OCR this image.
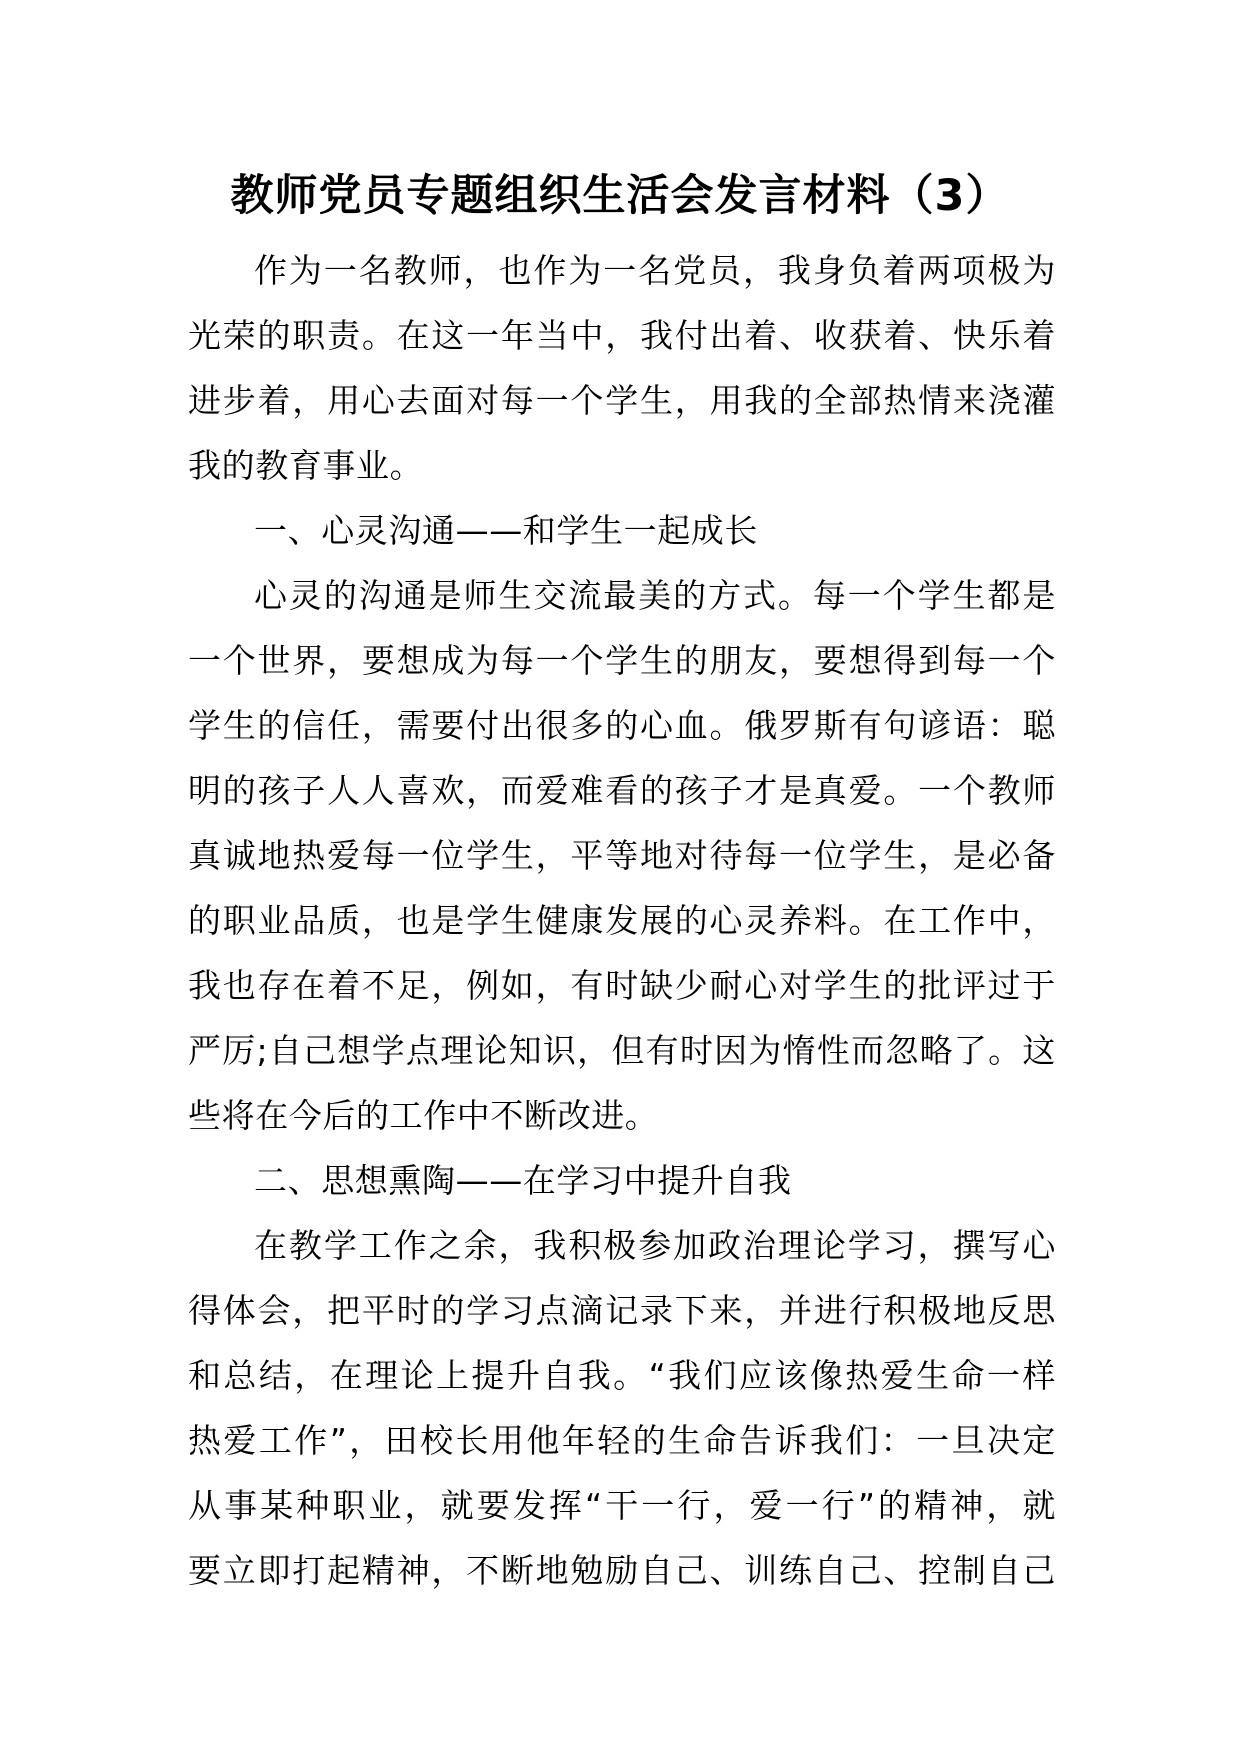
教师党员专题组织生活会发言材料（3）
作为一名教师，也作为一名党员，我身负着两项极为
光荣的职责。在这一年当中，我付出着、收获着、快乐着
进步着，用心去面对每一个学生，用我的全部热情来浇灌
我的教育事业。
一、心灵沟通——和学生一起成长
心灵的沟通是师生交流最美的方式。每一个学生都是
一个世界，要想成为每一个学生的朋友，要想得到每一个
学生的信任，需要付出很多的心血。俄罗斯有句谚语：聪
明的孩子人人喜欢，而爱难看的孩子才是真爱。一个教师
真诚地热爱每一位学生，平等地对待每一位学生，是必备
的职业品质，也是学生健康发展的心灵养料。在工作中，
我也存在着不足，例如，有时缺少耐心对学生的批评过于
严厉;自己想学点理论知识，但有时因为惰性而忽略了。这
些将在今后的工作中不断改进。
二、思想熏陶——在学习中提升自我
在教学工作之余，我积极参加政治理论学习，撰写心
得体会，把平时的学习点滴记录下来，并进行积极地反思
和总结，在理论上提升自我。“我们应该像热爱生命一样
热爱工作”，田校长用他年轻的生命告诉我们：一旦决定
从事某种职业，就要发挥“干一行，爱一行”的精神，就
要立即打起精神，不断地勉励自己、训练自己、控制自己
